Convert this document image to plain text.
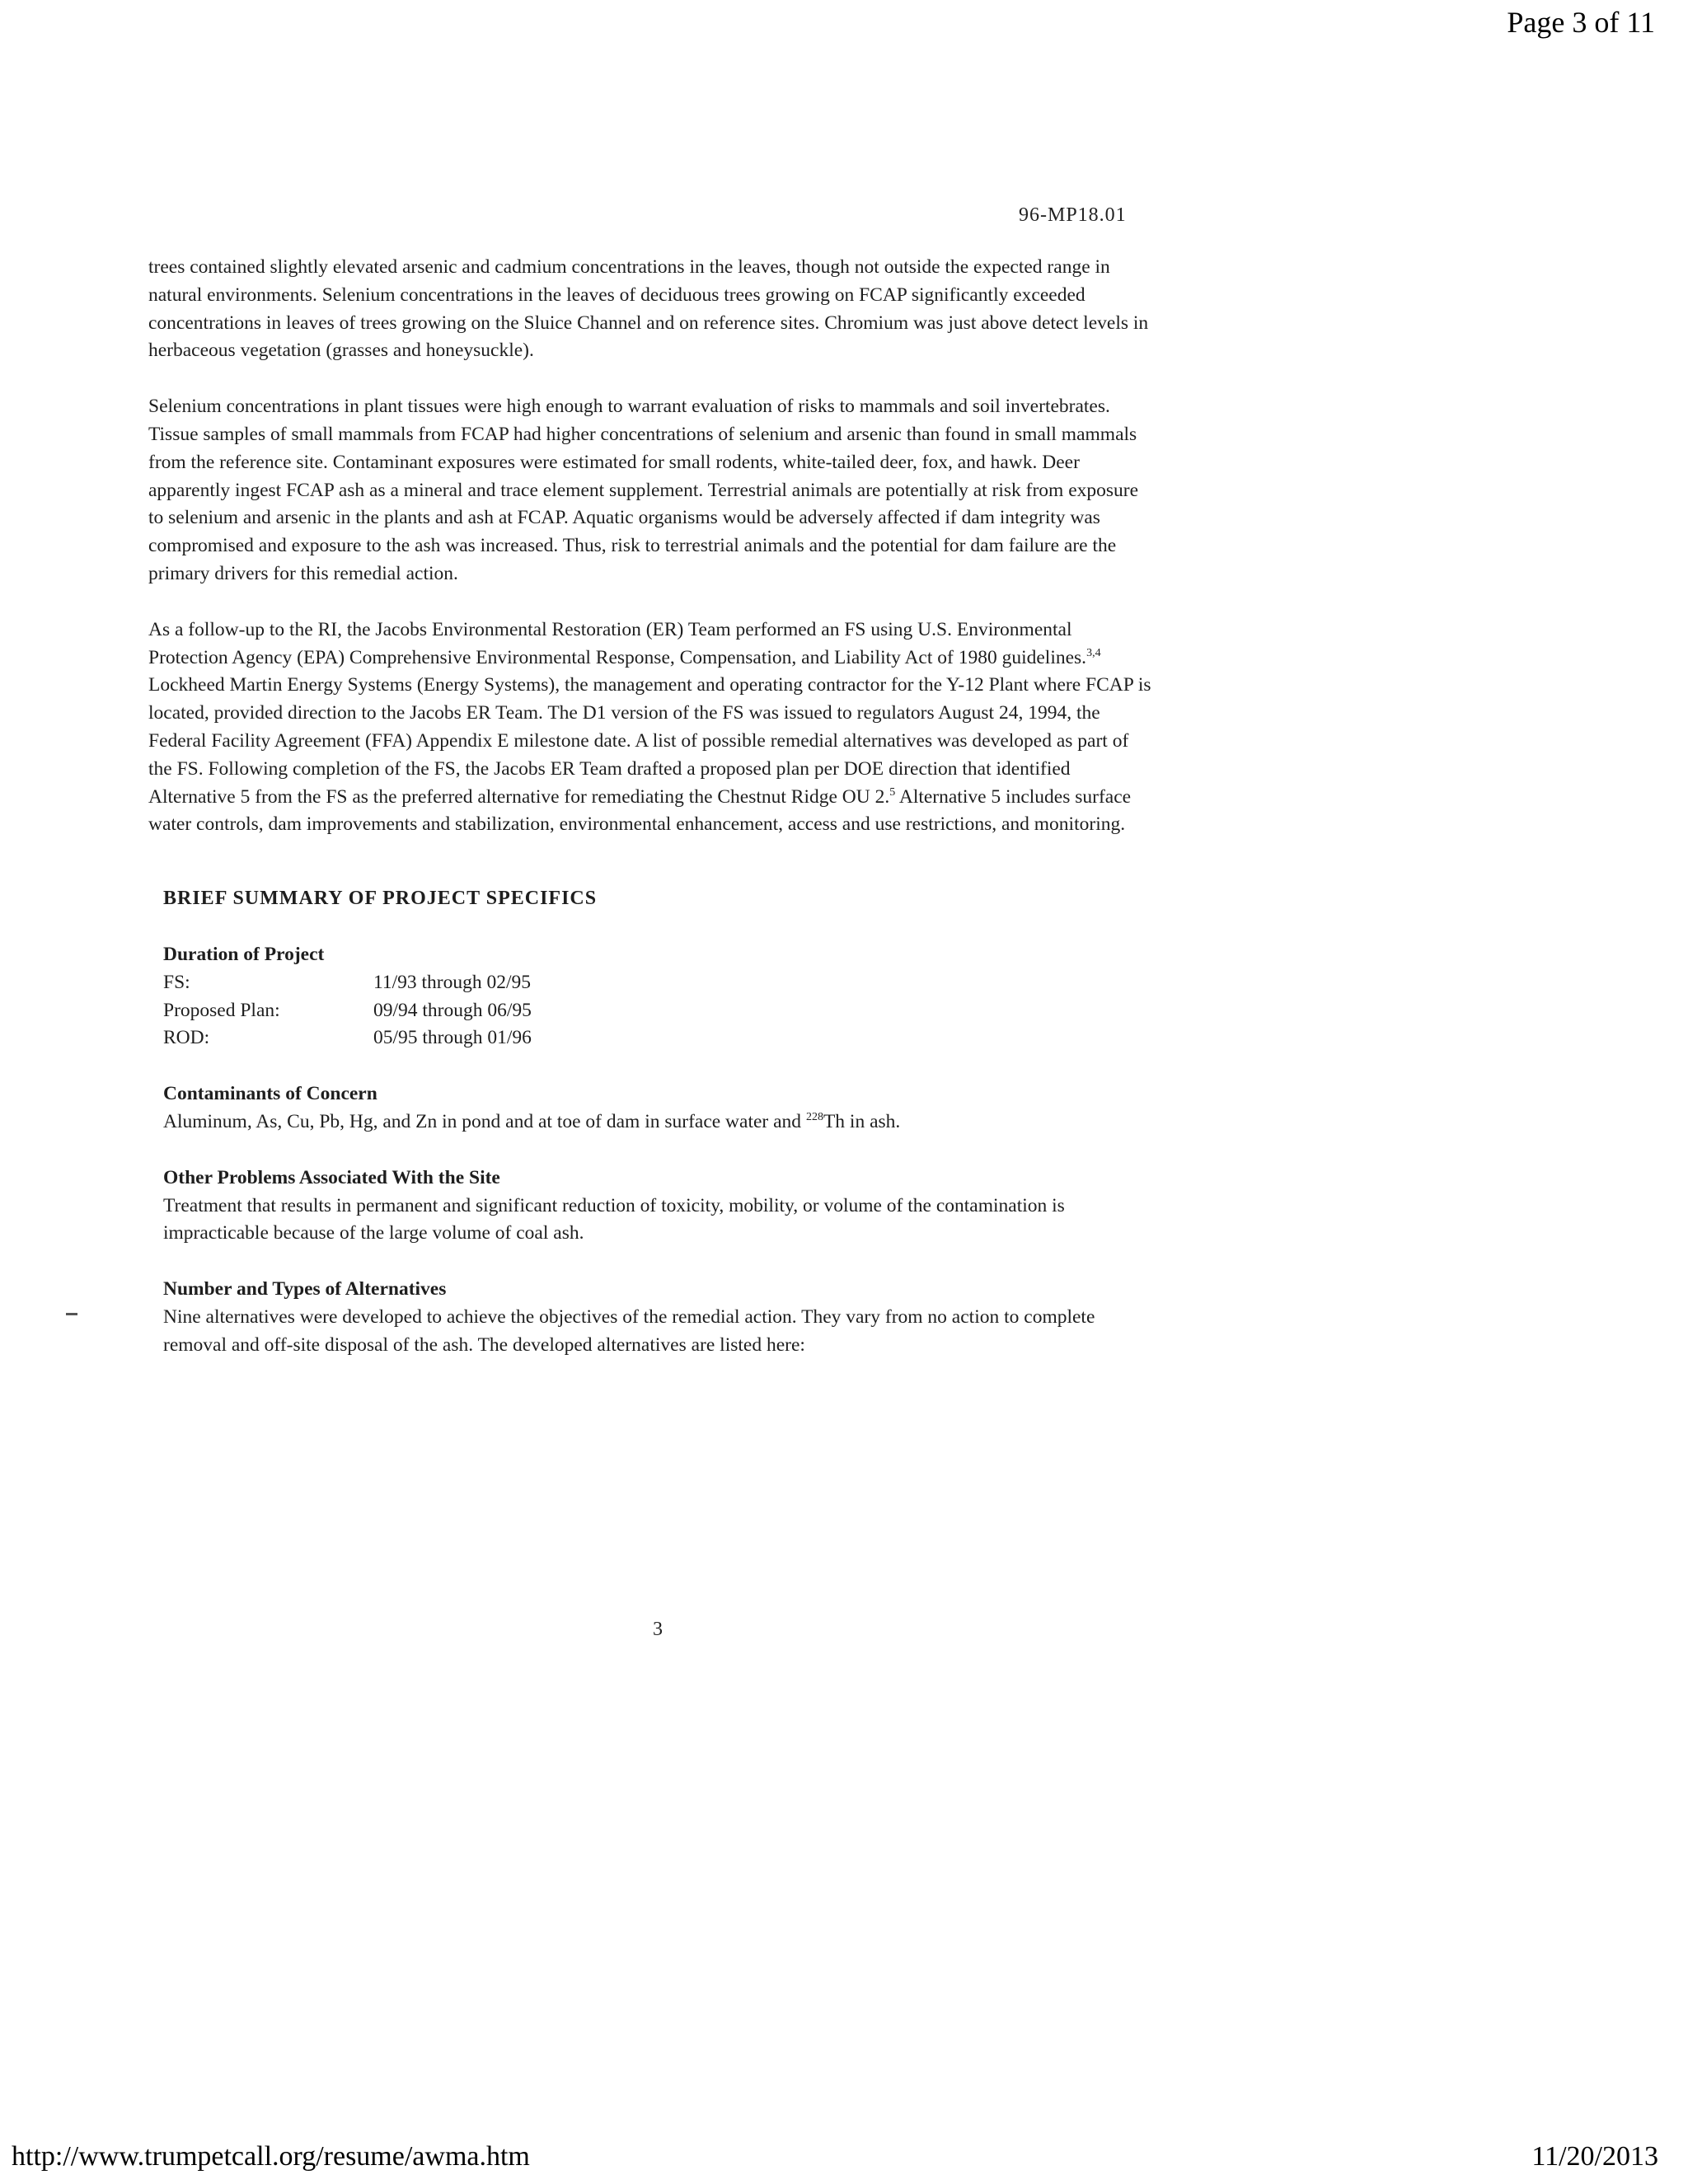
Page 3 of 11
96-MP18.01

trees contained slightly elevated arsenic and cadmium concentrations in the leaves, though not outside the expected range in natural environments. Selenium concentrations in the leaves of deciduous trees growing on FCAP significantly exceeded concentrations in leaves of trees growing on the Sluice Channel and on reference sites. Chromium was just above detect levels in herbaceous vegetation (grasses and honeysuckle).

Selenium concentrations in plant tissues were high enough to warrant evaluation of risks to mammals and soil invertebrates. Tissue samples of small mammals from FCAP had higher concentrations of selenium and arsenic than found in small mammals from the reference site. Contaminant exposures were estimated for small rodents, white-tailed deer, fox, and hawk. Deer apparently ingest FCAP ash as a mineral and trace element supplement. Terrestrial animals are potentially at risk from exposure to selenium and arsenic in the plants and ash at FCAP. Aquatic organisms would be adversely affected if dam integrity was compromised and exposure to the ash was increased. Thus, risk to terrestrial animals and the potential for dam failure are the primary drivers for this remedial action.

As a follow-up to the RI, the Jacobs Environmental Restoration (ER) Team performed an FS using U.S. Environmental Protection Agency (EPA) Comprehensive Environmental Response, Compensation, and Liability Act of 1980 guidelines.$^{3,4}$ Lockheed Martin Energy Systems (Energy Systems), the management and operating contractor for the Y-12 Plant where FCAP is located, provided direction to the Jacobs ER Team. The D1 version of the FS was issued to regulators August 24, 1994, the Federal Facility Agreement (FFA) Appendix E milestone date. A list of possible remedial alternatives was developed as part of the FS. Following completion of the FS, the Jacobs ER Team drafted a proposed plan per DOE direction that identified Alternative 5 from the FS as the preferred alternative for remediating the Chestnut Ridge OU 2.$^5$ Alternative 5 includes surface water controls, dam improvements and stabilization, environmental enhancement, access and use restrictions, and monitoring.

BRIEF SUMMARY OF PROJECT SPECIFICS

Duration of Project
FS:	11/93 through 02/95
Proposed Plan:	09/94 through 06/95
ROD:	05/95 through 01/96
Contaminants of Concern
Aluminum, As, Cu, Pb, Hg, and Zn in pond and at toe of dam in surface water and $^{228}$Th in ash.
Other Problems Associated With the Site
Treatment that results in permanent and significant reduction of toxicity, mobility, or volume of the contamination is impracticable because of the large volume of coal ash.
Number and Types of Alternatives
Nine alternatives were developed to achieve the objectives of the remedial action. They vary from no action to complete removal and off-site disposal of the ash. The developed alternatives are listed here:
3
http://www.trumpetcall.org/resume/awma.htm	11/20/2013
